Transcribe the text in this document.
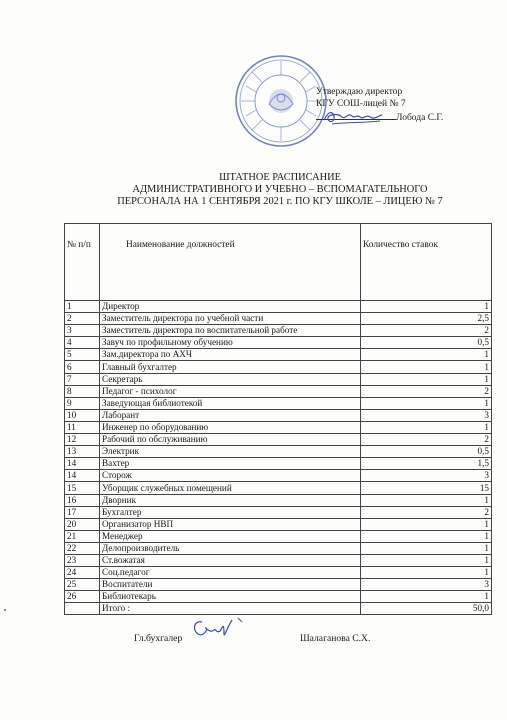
Утверждаю директор
КГУ СОШ-лицей № 7
Лобода С.Г.
ШТАТНОЕ РАСПИСАНИЕ
АДМИНИСТРАТИВНОГО И УЧЕБНО – ВСПОМАГАТЕЛЬНОГО
ПЕРСОНАЛА НА 1 СЕНТЯБРЯ 2021 г. ПО КГУ ШКОЛЕ – ЛИЦЕЮ № 7
№ п/п	Наименование должностей	Количество ставок
1	Директор	1
2	Заместитель директора по учебной части	2,5
3	Заместитель директора по воспитательной работе	2
4	Завуч по профильному обучению	0,5
5	Зам.директора по АХЧ	1
6	Главный бухгалтер	1
7	Секретарь	1
8	Педагог - психолог	2
9	Заведующая библиотекой	1
10	Лаборант	3
11	Инженер по оборудованию	1
12	Рабочий по обслуживанию	2
13	Электрик	0,5
14	Вахтер	1,5
14	Сторож	3
15	Уборщик служебных помещений	15
16	Дворник	1
17	Бухгалтер	2
20	Организатор НВП	1
21	Менеджер	1
22	Делопроизводитель	1
23	Ст.вожатая	1
24	Соц.педагог	1
25	Воспитатели	3
26	Библиотекарь	1
	Итого :	50,0
Гл.бухгалер	Шалаганова С.Х.
